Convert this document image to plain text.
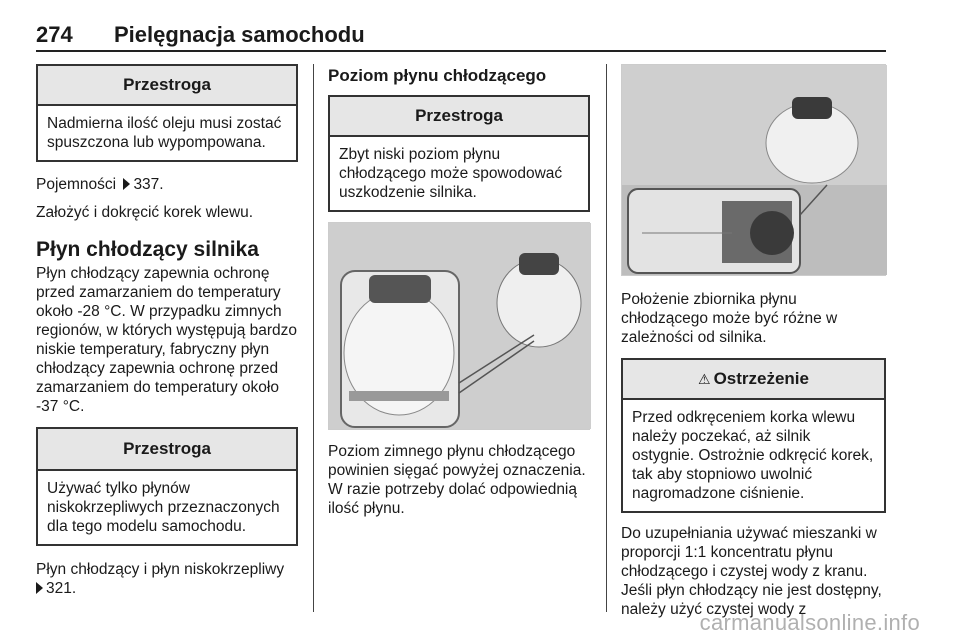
274 Pielęgnacja samochodu
Przestroga
Nadmierna ilość oleju musi zostać spuszczona lub wypompowana.

Pojemności 337.

Założyć i dokręcić korek wlewu.

Płyn chłodzący silnika

Płyn chłodzący zapewnia ochronę przed zamarzaniem do temperatury około -28 °C. W przypadku zimnych regionów, w których występują bardzo niskie temperatury, fabryczny płyn chłodzący zapewnia ochronę przed zamarzaniem do temperatury około -37 °C.

Przestroga
Używać tylko płynów niskokrzepliwych przeznaczonych dla tego modelu samochodu.

Płyn chłodzący i płyn niskokrzepliwy
321.

Poziom płynu chłodzącego

Przestroga
Zbyt niski poziom płynu chłodzącego może spowodować uszkodzenie silnika.

Poziom zimnego płynu chłodzącego powinien sięgać powyżej oznaczenia. W razie potrzeby dolać odpowiednią ilość płynu.

Położenie zbiornika płynu chłodzącego może być różne w zależności od silnika.

⚠ Ostrzeżenie
Przed odkręceniem korka wlewu należy poczekać, aż silnik ostygnie. Ostrożnie odkręcić korek, tak aby stopniowo uwolnić nagromadzone ciśnienie.

Do uzupełniania używać mieszanki w proporcji 1:1 koncentratu płynu chłodzącego i czystej wody z kranu. Jeśli płyn chłodzący nie jest dostępny, należy użyć czystej wody z

carmanualsonline.info
